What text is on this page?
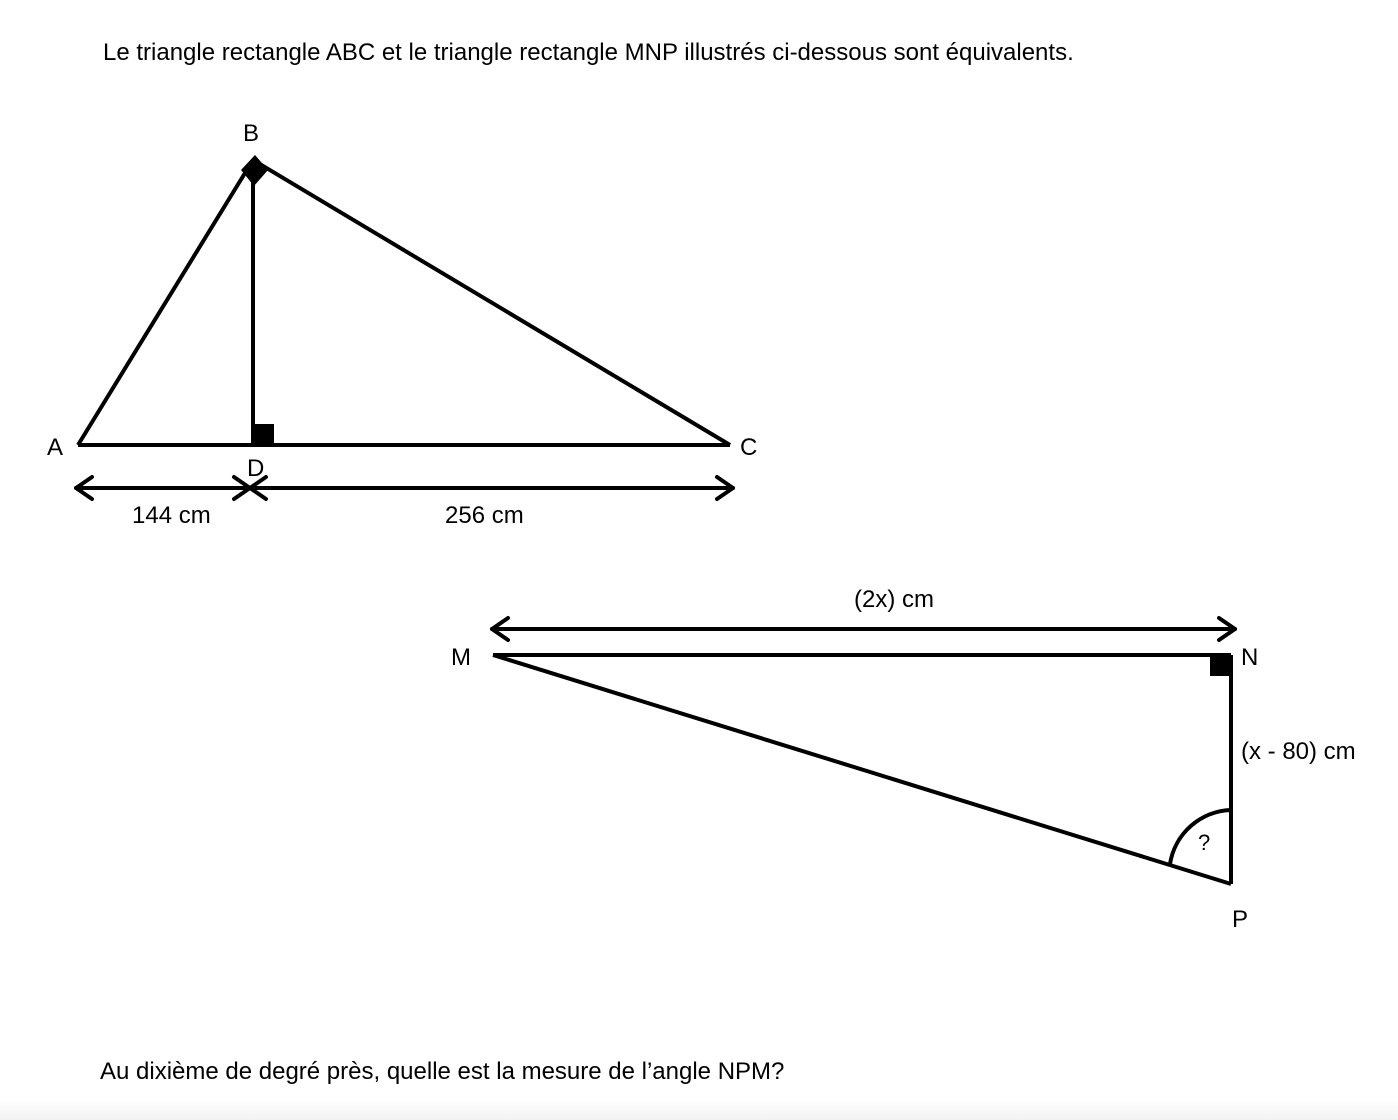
Le triangle rectangle ABC et le triangle rectangle MNP illustrés ci-dessous sont équivalents.
B
A	C
D
144 cm	256 cm
(2x) cm
M	N
(x - 80) cm
?
P
Au dixième de degré près, quelle est la mesure de l’angle NPM?
